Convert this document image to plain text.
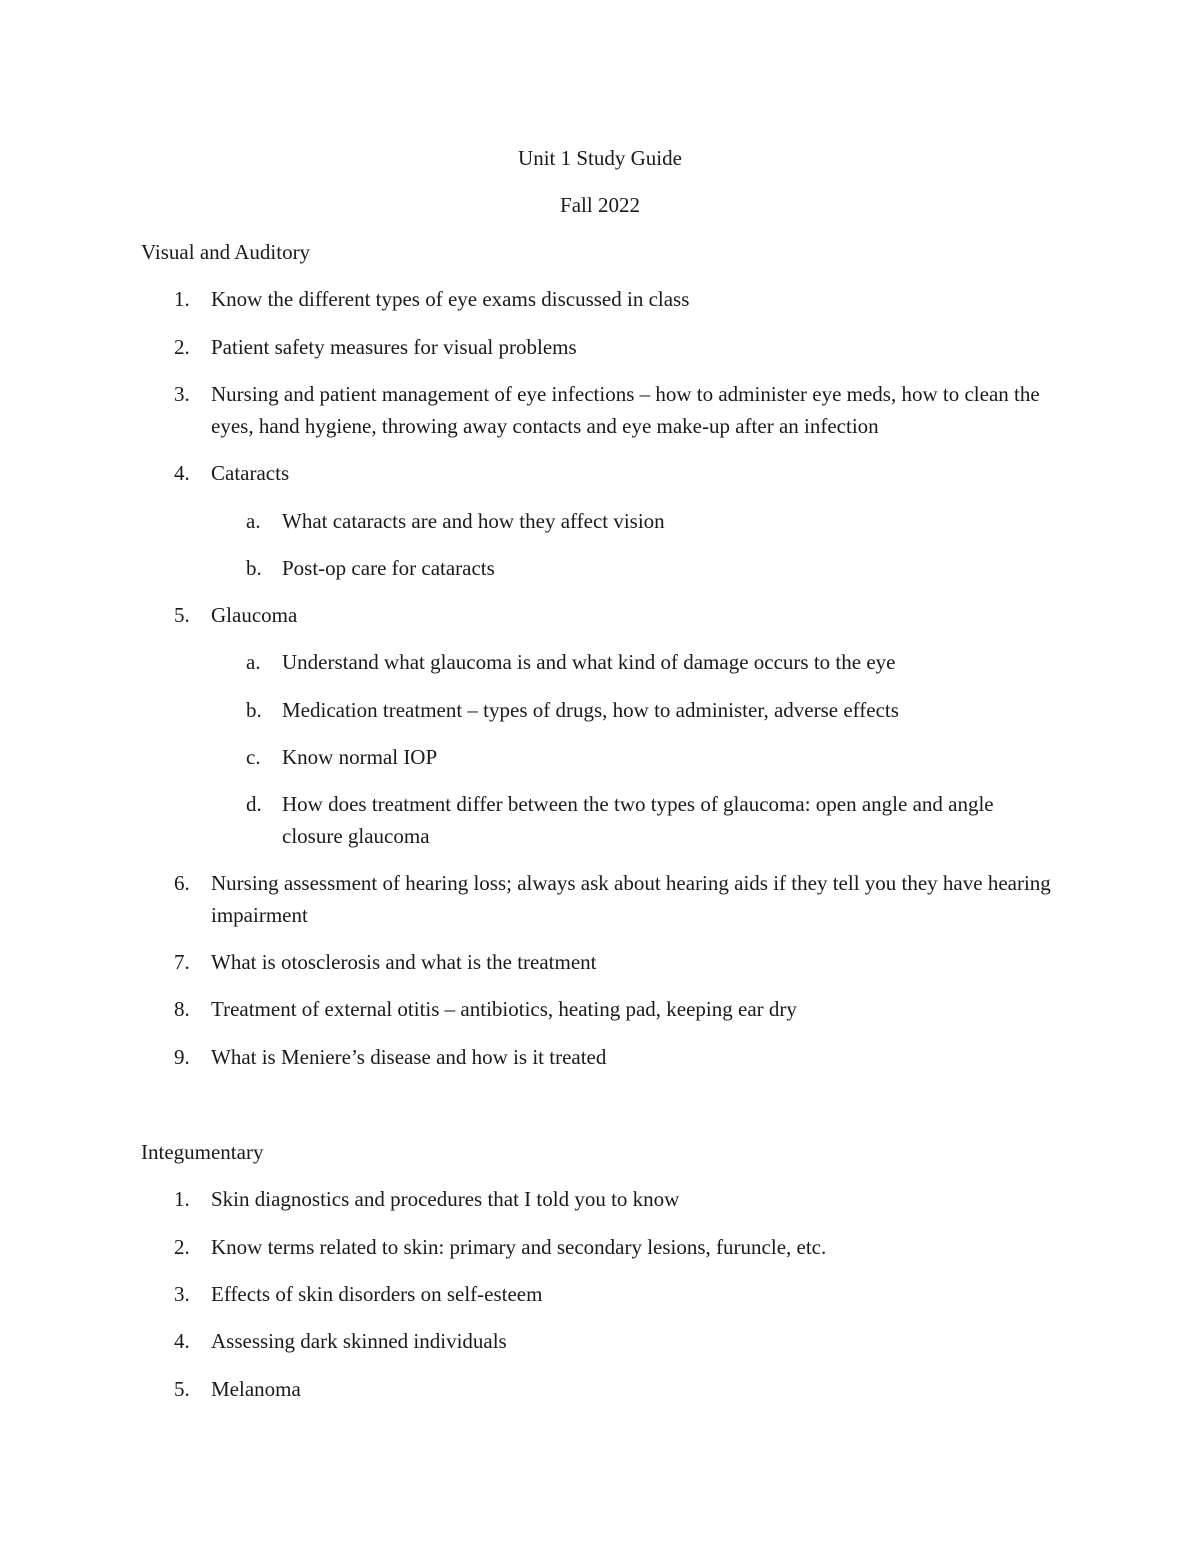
Unit 1 Study Guide
Fall 2022
Visual and Auditory
1. Know the different types of eye exams discussed in class
2. Patient safety measures for visual problems
3. Nursing and patient management of eye infections – how to administer eye meds, how to clean the eyes, hand hygiene, throwing away contacts and eye make-up after an infection
4. Cataracts
a.	What cataracts are and how they affect vision
b. Post-op care for cataracts
5. Glaucoma
a.	Understand what glaucoma is and what kind of damage occurs to the eye
b. Medication treatment – types of drugs, how to administer, adverse effects
c.	Know normal IOP
d. How does treatment differ between the two types of glaucoma: open angle and angle closure glaucoma
6. Nursing assessment of hearing loss; always ask about hearing aids if they tell you they have hearing impairment
7. What is otosclerosis and what is the treatment
8. Treatment of external otitis – antibiotics, heating pad, keeping ear dry
9. What is Meniere’s disease and how is it treated
Integumentary
1. Skin diagnostics and procedures that I told you to know
2. Know terms related to skin: primary and secondary lesions, furuncle, etc.
3. Effects of skin disorders on self-esteem
4. Assessing dark skinned individuals
5. Melanoma
